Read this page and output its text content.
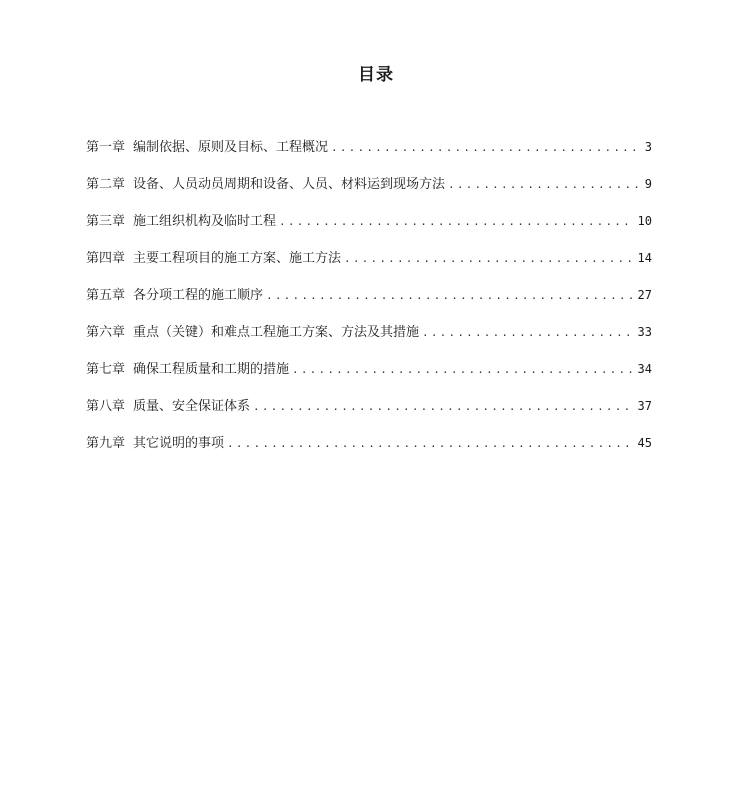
目录
第一章 编制依据、原则及目标、工程概况 .....	3
第二章 设备、人员动员周期和设备、人员、材料运到现场方法 .....	9
第三章 施工组织机构及临时工程 .....	10
第四章 主要工程项目的施工方案、施工方法 .....	14
第五章 各分项工程的施工顺序 .....	27
第六章 重点（关键）和难点工程施工方案、方法及其措施 .....	33
第七章 确保工程质量和工期的措施 .....	34
第八章 质量、安全保证体系 .....	37
第九章 其它说明的事项 .....	45
